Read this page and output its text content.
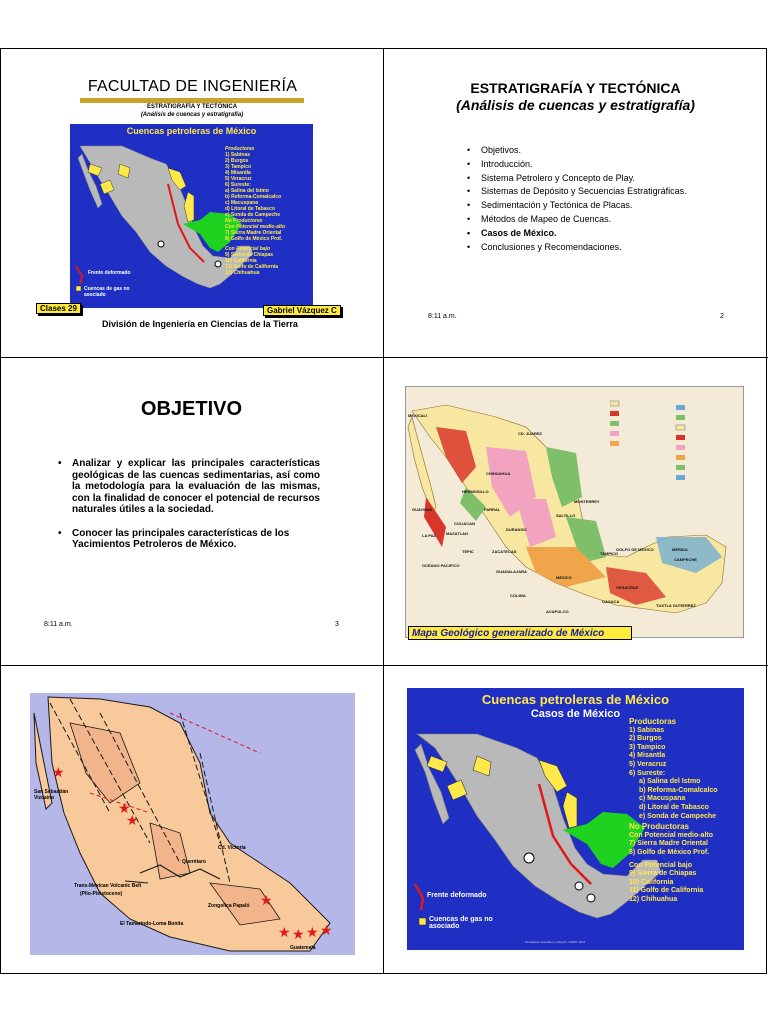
FACULTAD DE INGENIERÍA
ESTRATIGRAFÍA Y TECTÓNICA
(Análisis de cuencas y estratigrafía)
Cuencas petroleras de México
Productoras
1) Sabinas
2) Burgos
3) Tampico
4) Misantla
5) Veracruz
6) Sureste:
a) Salina del Istmo
b) Reforma-Comalcalco
c) Macuspana
d) Litoral de Tabasco
e) Sonda de Campeche
No Productoras
Con Potencial medio-alto
7) Sierra Madre Oriental
8) Golfo de México Prof.
Con Potencial bajo
9) Sierra de Chiapas
10) California
11) Golfo de California
12) Chihuahua
Frente deformado
Cuencas de gas no asociado
Clases 29	Gabriel Vázquez C
División de Ingeniería en Ciencias de la Tierra
ESTRATIGRAFÍA Y TECTÓNICA
(Análisis de cuencas y estratigrafía)
• Objetivos.
• Introducción.
• Sistema Petrolero y Concepto de Play.
• Sistemas de Depósito y Secuencias Estratigráficas.
• Sedimentación y Tectónica de Placas.
• Métodos de Mapeo de Cuencas.
• Casos de México.
• Conclusiones y Recomendaciones.
8:11 a.m.	2
OBJETIVO
• Analizar y explicar las principales características geológicas de las cuencas sedimentarias, así como la metodología para la evaluación de las mismas, con la finalidad de conocer el potencial de recursos naturales útiles a la sociedad.
• Conocer las principales características de los Yacimientos Petroleros de México.
8:11 a.m.	3
MEXICALI
CD. JUAREZ
HERMOSILLO
CHIHUAHUA
GUAYMAS	PARRAL
MONTERREY
SALTILLO
CULIACAN
DURANGO
MAZATLAN
LA PAZ
TEPIC	ZACATECAS
GUADALAJARA
COLIMA
MEXICO
TAMPICO
VERACRUZ
ACAPULCO
OAXACA
MERIDA
CAMPECHE
TUXTLA GUTIERREZ
GOLFO DE MEXICO
OCEANO PACIFICO
Mapa Geológico generalizado de México
★
★
★
★ ★ ★ ★
★
San Sebastián Vizcaíno
Trans-Mexican Volcanic Belt
(Plio-Pleistoceno)
Cd. Victoria
Querétaro
Zongolica Papaló
El Tamarindo-Loma Bonita
Guatemala
Cuencas petroleras de México
Casos de México
Productoras
1) Sabinas
2) Burgos
3) Tampico
4) Misantla
5) Veracruz
6) Sureste:
a) Salina del Istmo
b) Reforma-Comalcalco
c) Macuspana
d) Litoral de Tabasco
e) Sonda de Campeche
No Productoras
Con Potencial medio-alto
7) Sierra Madre Oriental
8) Golfo de México Prof.
Con Potencial bajo
9) Sierra de Chiapas
10) California
11) Golfo de California
12) Chihuahua
Frente deformado
Cuencas de gas no asociado
Tomada de González y Holguín, AMGP, 2001
